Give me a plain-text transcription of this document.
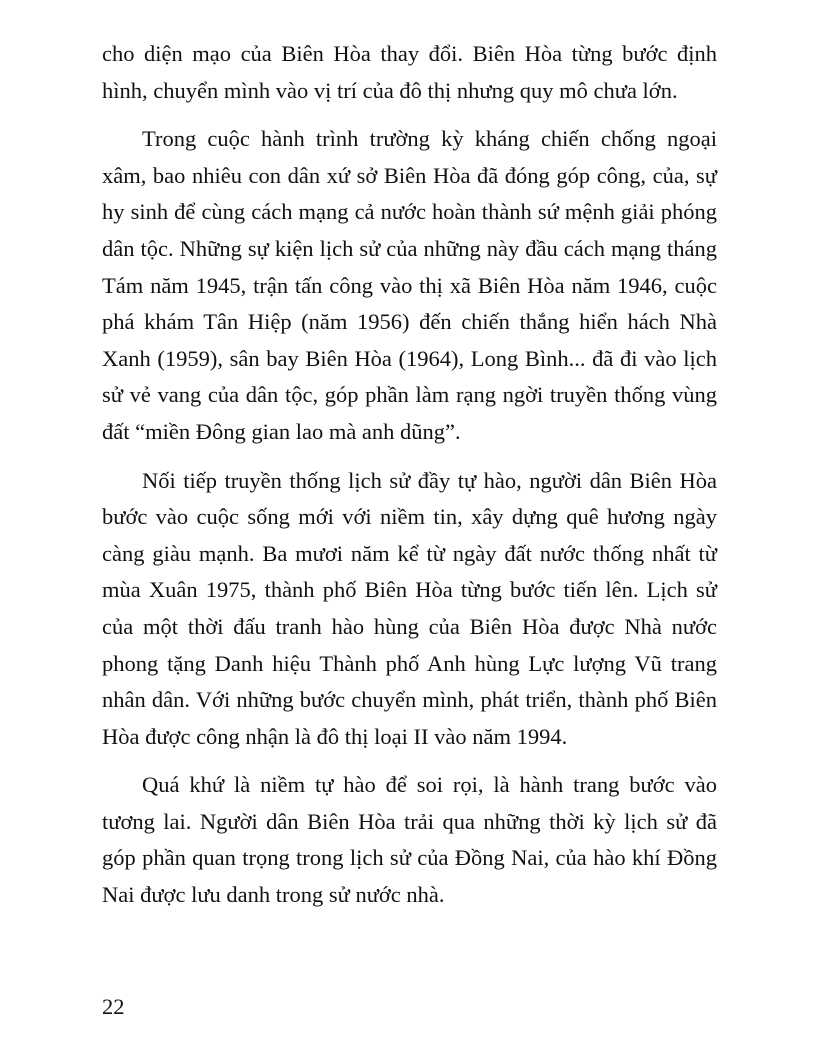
cho diện mạo của Biên Hòa thay đổi. Biên Hòa từng bước định hình, chuyển mình vào vị trí của đô thị nhưng quy mô chưa lớn.

Trong cuộc hành trình trường kỳ kháng chiến chống ngoại xâm, bao nhiêu con dân xứ sở Biên Hòa đã đóng góp công, của, sự hy sinh để cùng cách mạng cả nước hoàn thành sứ mệnh giải phóng dân tộc. Những sự kiện lịch sử của những này đầu cách mạng tháng Tám năm 1945, trận tấn công vào thị xã Biên Hòa năm 1946, cuộc phá khám Tân Hiệp (năm 1956) đến chiến thắng hiển hách Nhà Xanh (1959), sân bay Biên Hòa (1964), Long Bình... đã đi vào lịch sử vẻ vang của dân tộc, góp phần làm rạng ngời truyền thống vùng đất “miền Đông gian lao mà anh dũng”.

Nối tiếp truyền thống lịch sử đầy tự hào, người dân Biên Hòa bước vào cuộc sống mới với niềm tin, xây dựng quê hương ngày càng giàu mạnh. Ba mươi năm kể từ ngày đất nước thống nhất từ mùa Xuân 1975, thành phố Biên Hòa từng bước tiến lên. Lịch sử của một thời đấu tranh hào hùng của Biên Hòa được Nhà nước phong tặng Danh hiệu Thành phố Anh hùng Lực lượng Vũ trang nhân dân. Với những bước chuyển mình, phát triển, thành phố Biên Hòa được công nhận là đô thị loại II vào năm 1994.

Quá khứ là niềm tự hào để soi rọi, là hành trang bước vào tương lai. Người dân Biên Hòa trải qua những thời kỳ lịch sử đã góp phần quan trọng trong lịch sử của Đồng Nai, của hào khí Đồng Nai được lưu danh trong sử nước nhà.

22
